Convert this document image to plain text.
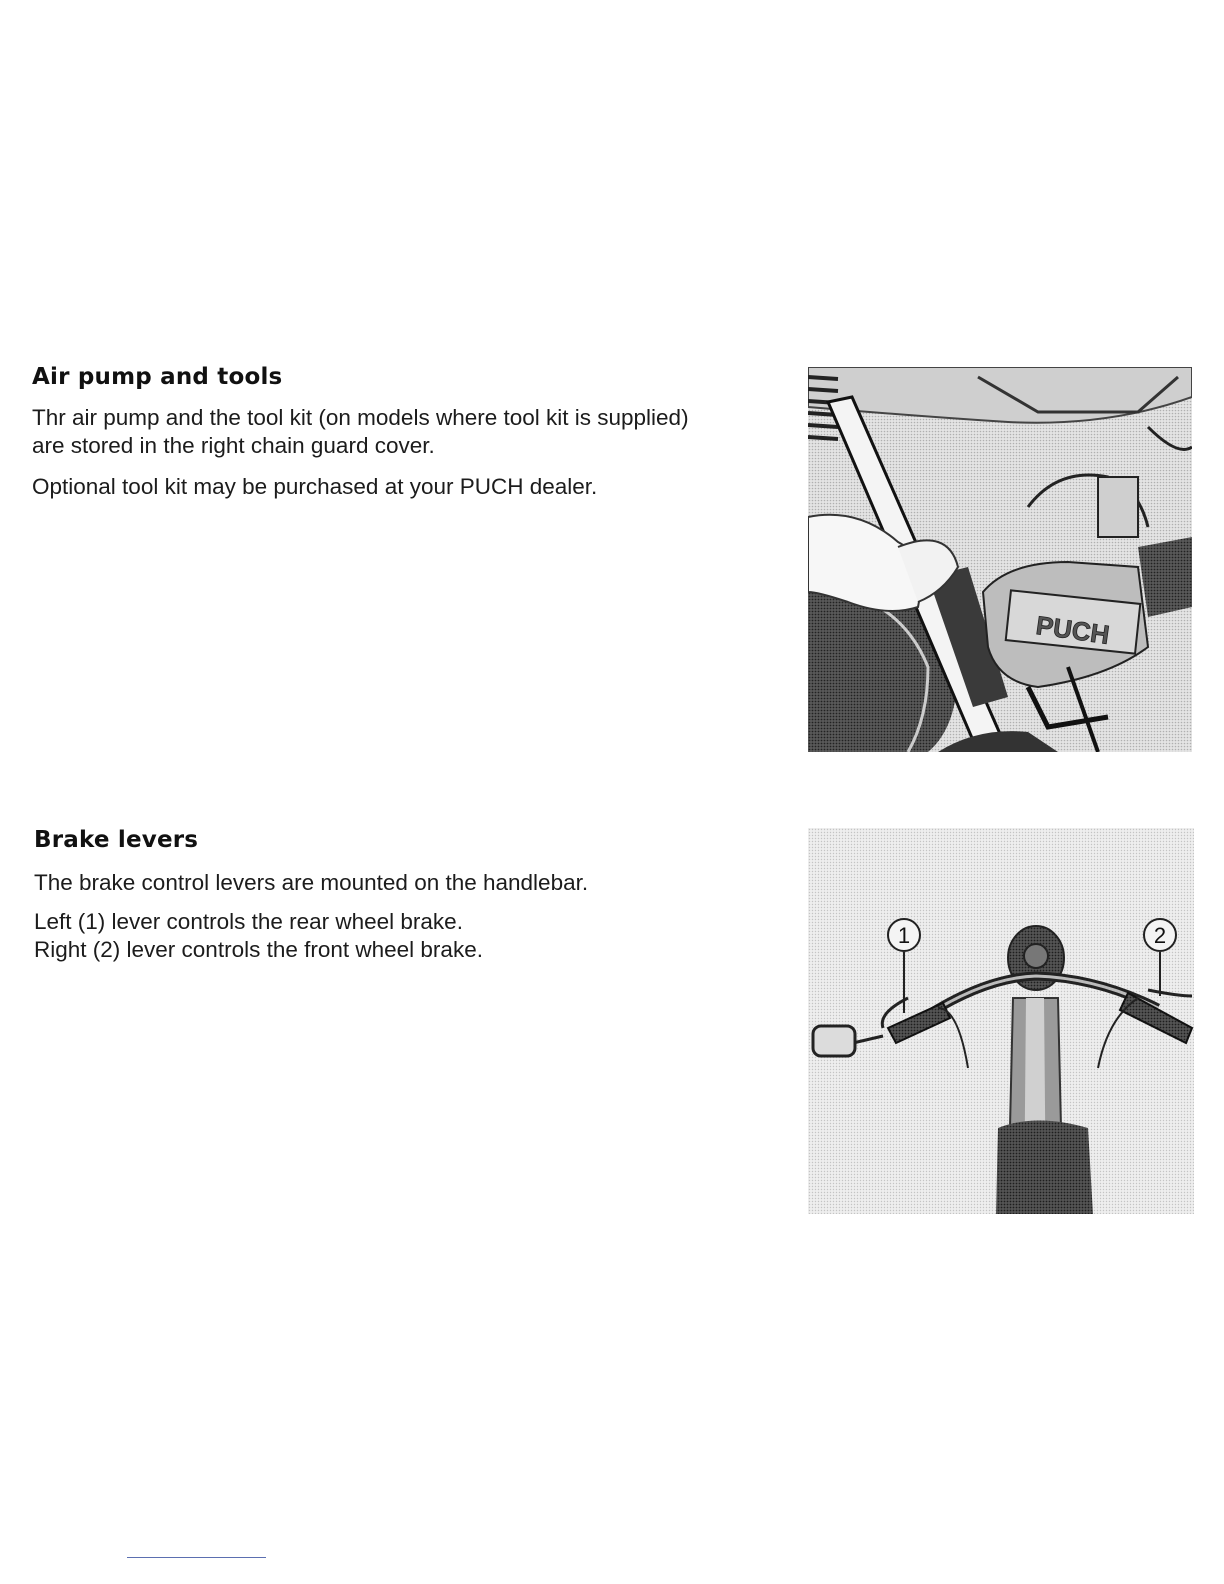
Air pump and tools

Thr air pump and the tool kit (on models where tool kit is supplied)

are stored in the right chain guard cover.

Optional tool kit may be purchased at your PUCH dealer.

PUCH
Brake levers

The brake control levers are mounted on the handlebar.

Left (1) lever controls the rear wheel brake.

Right (2) lever controls the front wheel brake.

1	2
